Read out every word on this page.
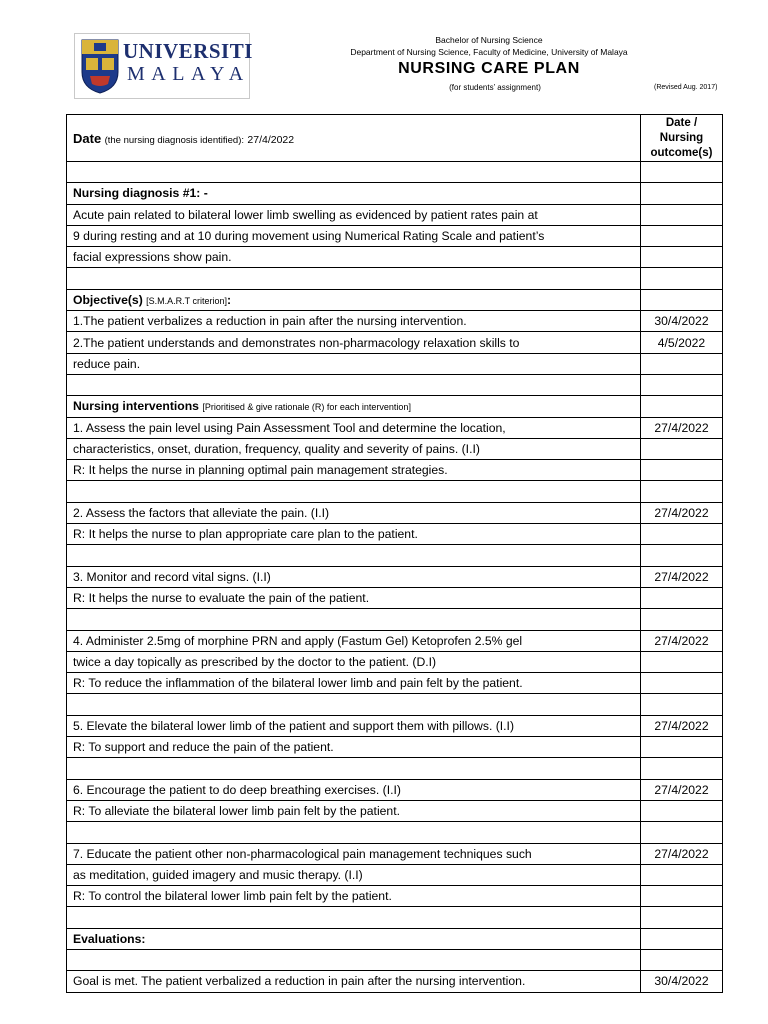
UNIVERSITI
MALAYA
Bachelor of Nursing Science
Department of Nursing Science, Faculty of Medicine, University of Malaya
NURSING CARE PLAN
(for students’ assignment)	(Revised Aug. 2017)
Date (the nursing diagnosis identified): 27/4/2022	Date /
Nursing
outcome(s)

Nursing diagnosis #1: -	
Acute pain related to bilateral lower limb swelling as evidenced by patient rates pain at	
9 during resting and at 10 during movement using Numerical Rating Scale and patient’s	
facial expressions show pain.	

Objective(s) [S.M.A.R.T criterion]:	
1.The patient verbalizes a reduction in pain after the nursing intervention.	30/4/2022
2.The patient understands and demonstrates non-pharmacology relaxation skills to	4/5/2022
reduce pain.	

Nursing interventions [Prioritised & give rationale (R) for each intervention]	
1. Assess the pain level using Pain Assessment Tool and determine the location,	27/4/2022
characteristics, onset, duration, frequency, quality and severity of pains. (I.I)	
R: It helps the nurse in planning optimal pain management strategies.	

2. Assess the factors that alleviate the pain. (I.I)	27/4/2022
R: It helps the nurse to plan appropriate care plan to the patient.	

3. Monitor and record vital signs. (I.I)	27/4/2022
R: It helps the nurse to evaluate the pain of the patient.	

4. Administer 2.5mg of morphine PRN and apply (Fastum Gel) Ketoprofen 2.5% gel	27/4/2022
twice a day topically as prescribed by the doctor to the patient. (D.I)	
R: To reduce the inflammation of the bilateral lower limb and pain felt by the patient.	

5. Elevate the bilateral lower limb of the patient and support them with pillows. (I.I)	27/4/2022
R: To support and reduce the pain of the patient.	

6. Encourage the patient to do deep breathing exercises. (I.I)	27/4/2022
R: To alleviate the bilateral lower limb pain felt by the patient.	

7. Educate the patient other non-pharmacological pain management techniques such	27/4/2022
as meditation, guided imagery and music therapy. (I.I)	
R: To control the bilateral lower limb pain felt by the patient.	

Evaluations:	

Goal is met. The patient verbalized a reduction in pain after the nursing intervention.	30/4/2022
